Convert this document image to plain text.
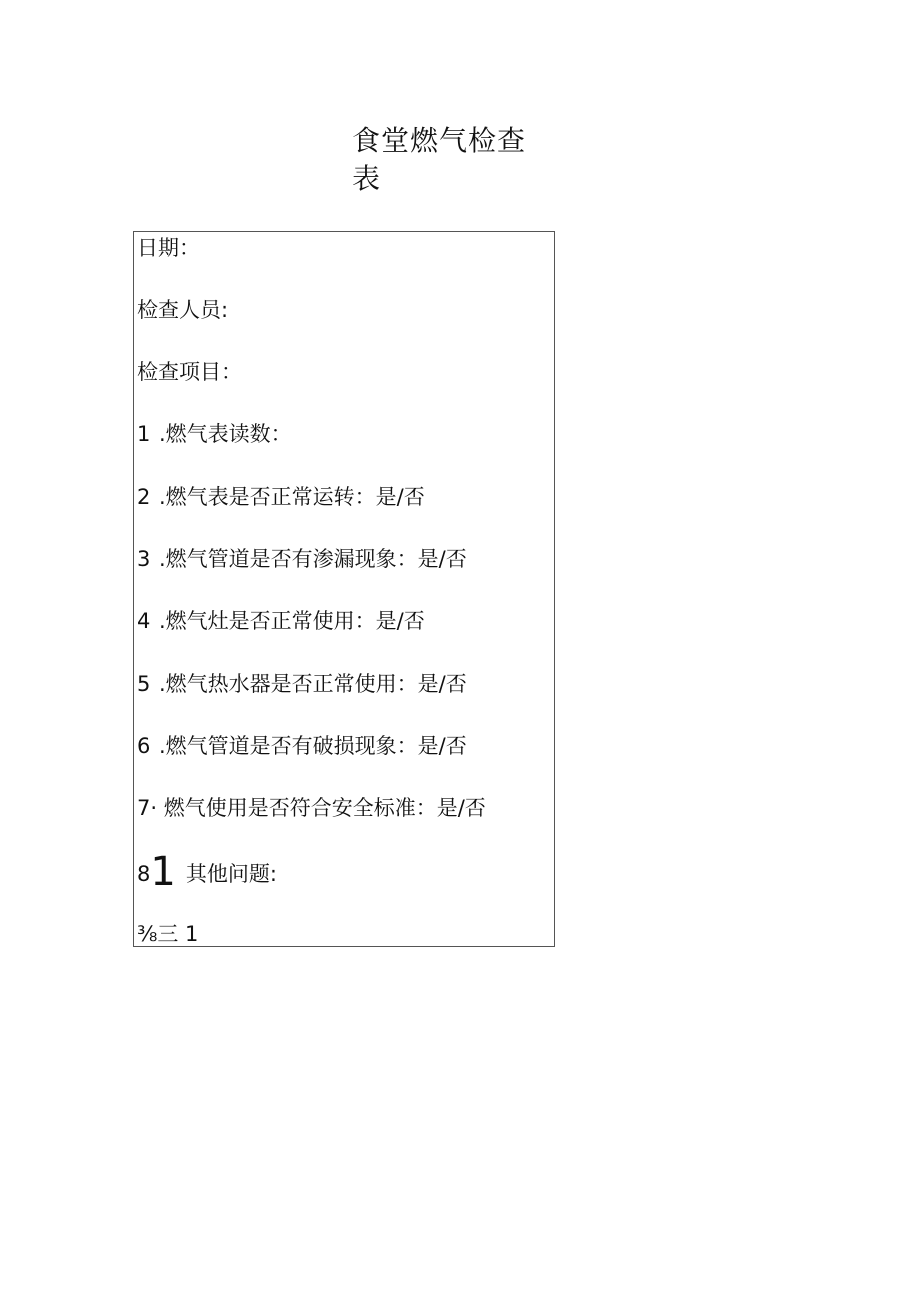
食堂燃气检查
表
日期：
检查人员:
检查项目：
1 .燃气表读数：
2 .燃气表是否正常运转：是/否
3 .燃气管道是否有渗漏现象：是/否
4 .燃气灶是否正常使用：是/否
5 .燃气热水器是否正常使用：是/否
6 .燃气管道是否有破损现象：是/否
7· 燃气使用是否符合安全标准：是/否
81 其他问题:
⅜三 1
